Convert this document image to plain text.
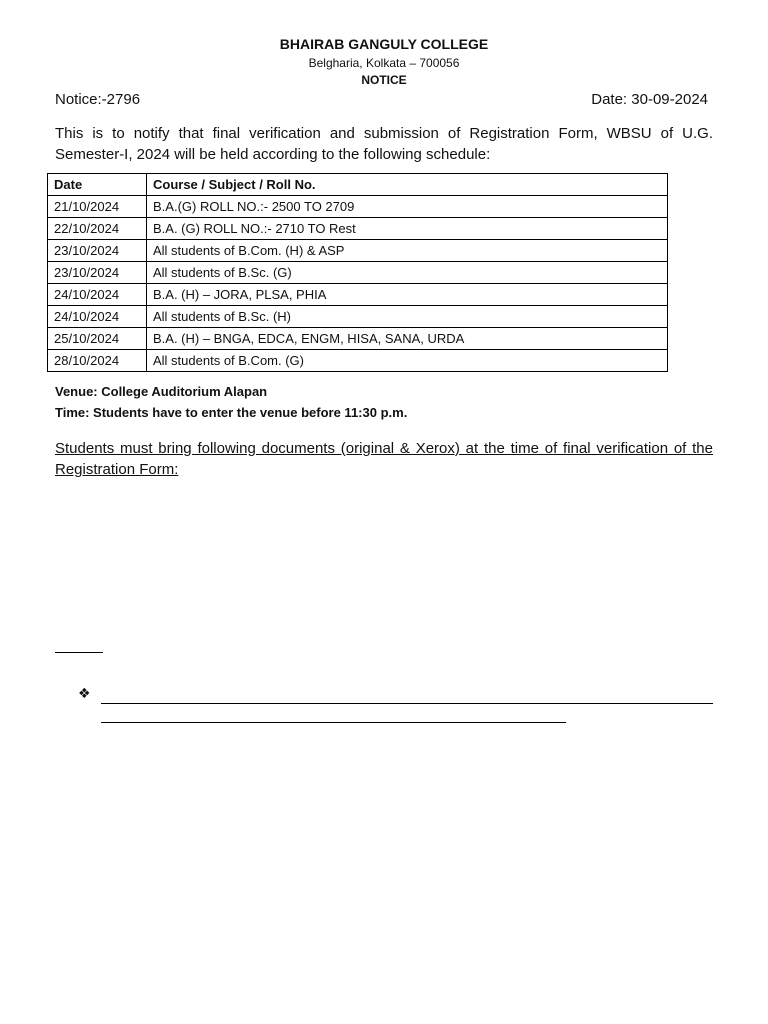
BHAIRAB GANGULY COLLEGE
Belgharia, Kolkata – 700056
NOTICE
Notice:-2796	Date: 30-09-2024
This is to notify that final verification and submission of Registration Form, WBSU of U.G. Semester-I, 2024 will be held according to the following schedule:
Date	Course / Subject / Roll No.
21/10/2024	B.A.(G) ROLL NO.:- 2500 TO 2709
22/10/2024	B.A. (G) ROLL NO.:- 2710 TO Rest
23/10/2024	All students of B.Com. (H) & ASP
23/10/2024	All students of B.Sc. (G)
24/10/2024	B.A. (H) – JORA, PLSA, PHIA
24/10/2024	All students of B.Sc. (H)
25/10/2024	B.A. (H) – BNGA, EDCA, ENGM, HISA, SANA, URDA
28/10/2024	All students of B.Com. (G)
Venue: College Auditorium Alapan
Time: Students have to enter the venue before 11:30 p.m.
Students must bring following documents (original & Xerox) at the time of final verification of the Registration Form:
❖
